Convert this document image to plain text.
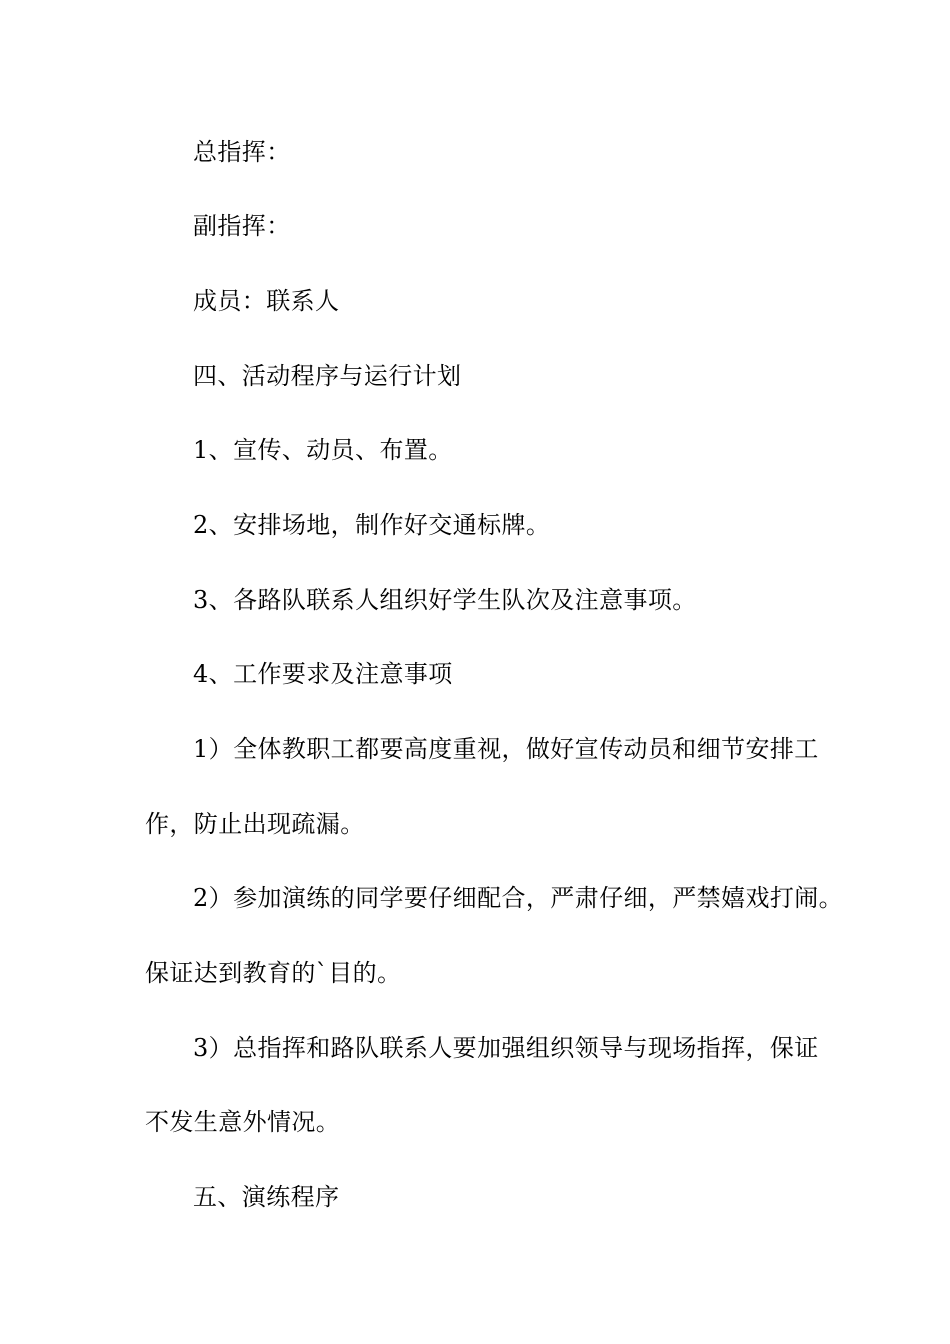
总指挥：
副指挥：
成员：联系人
四、活动程序与运行计划
1、宣传、动员、布置。
2、安排场地，制作好交通标牌。
3、各路队联系人组织好学生队次及注意事项。
4、工作要求及注意事项
1）全体教职工都要高度重视，做好宣传动员和细节安排工
作，防止出现疏漏。
2）参加演练的同学要仔细配合，严肃仔细，严禁嬉戏打闹。
保证达到教育的`目的。
3）总指挥和路队联系人要加强组织领导与现场指挥，保证
不发生意外情况。
五、演练程序
